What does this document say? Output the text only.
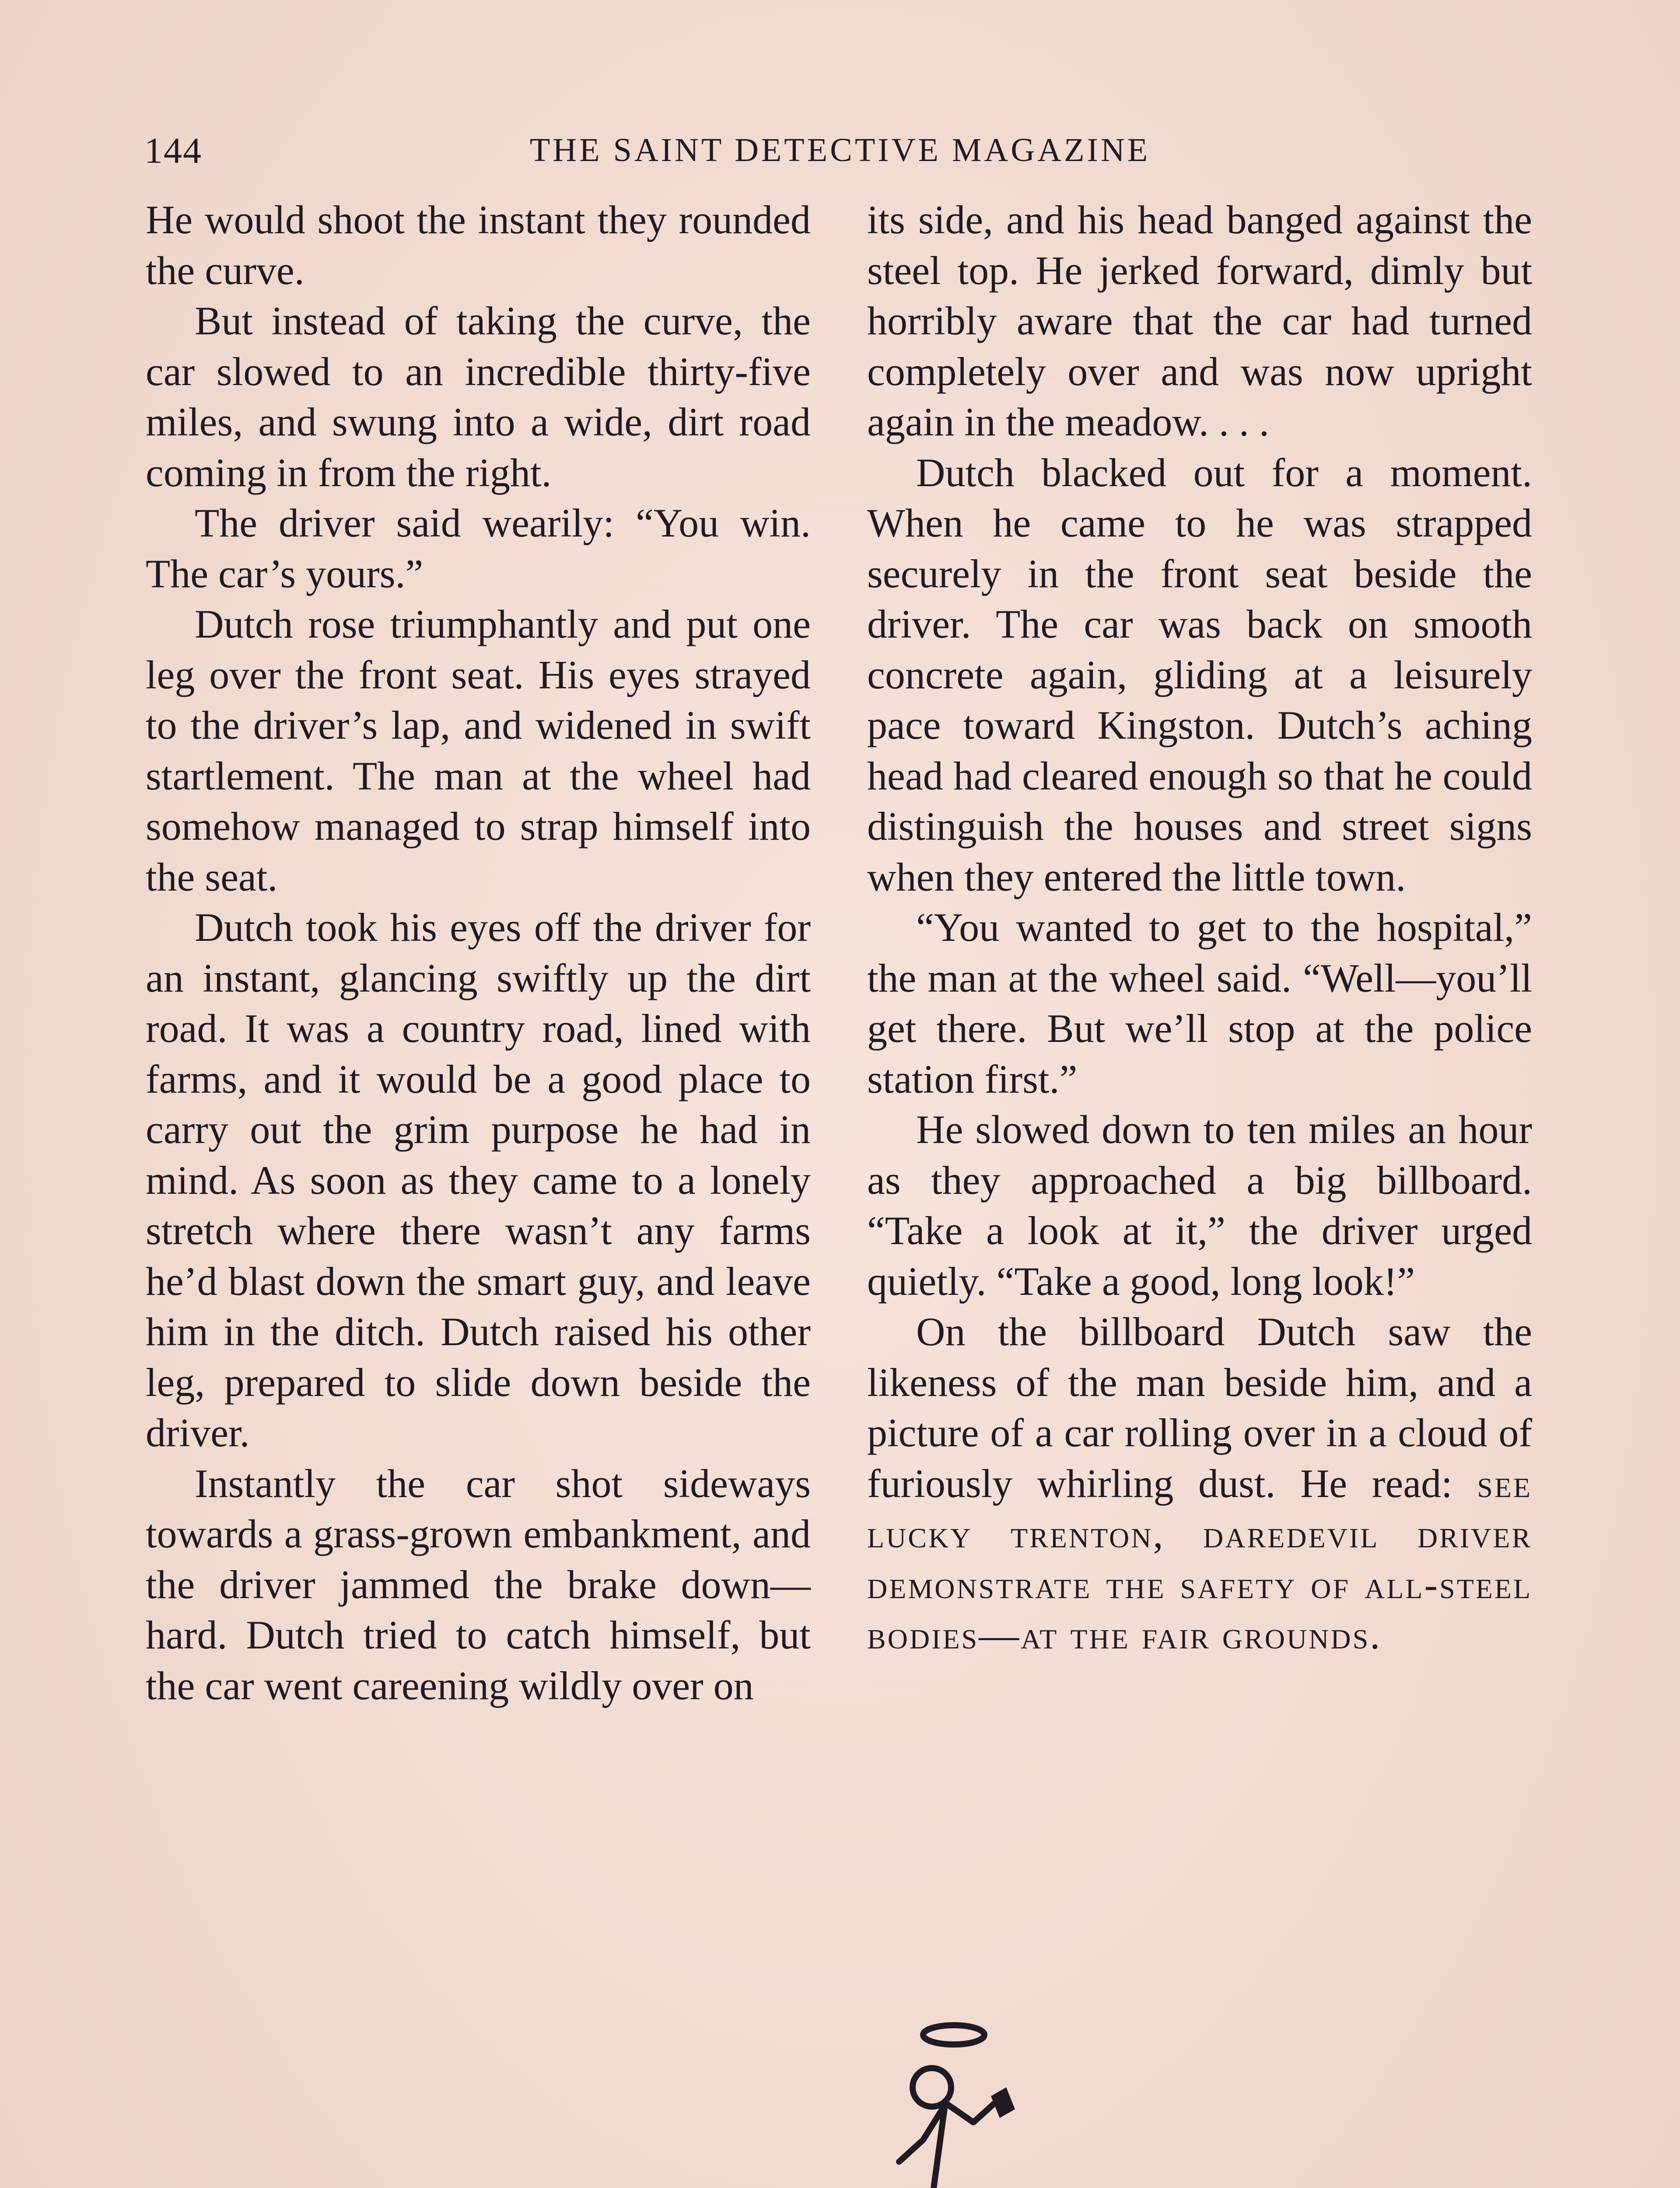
144	THE SAINT DETECTIVE MAGAZINE

He would shoot the instant they rounded the curve.

But instead of taking the curve, the car slowed to an incredible thirty-five miles, and swung into a wide, dirt road coming in from the right.

The driver said wearily: “You win. The car’s yours.”

Dutch rose triumphantly and put one leg over the front seat. His eyes strayed to the driver’s lap, and widened in swift startlement. The man at the wheel had somehow managed to strap himself into the seat.

Dutch took his eyes off the driver for an instant, glancing swiftly up the dirt road. It was a country road, lined with farms, and it would be a good place to carry out the grim purpose he had in mind. As soon as they came to a lonely stretch where there wasn’t any farms he’d blast down the smart guy, and leave him in the ditch. Dutch raised his other leg, prepared to slide down beside the driver.

Instantly the car shot sideways towards a grass-grown embankment, and the driver jammed the brake down—hard. Dutch tried to catch himself, but the car went careening wildly over on

its side, and his head banged against the steel top. He jerked forward, dimly but horribly aware that the car had turned completely over and was now upright again in the meadow. . . .

Dutch blacked out for a moment. When he came to he was strapped securely in the front seat beside the driver. The car was back on smooth concrete again, gliding at a leisurely pace toward Kingston. Dutch’s aching head had cleared enough so that he could distinguish the houses and street signs when they entered the little town.

“You wanted to get to the hospital,” the man at the wheel said. “Well—you’ll get there. But we’ll stop at the police station first.”

He slowed down to ten miles an hour as they approached a big billboard. “Take a look at it,” the driver urged quietly. “Take a good, long look!”

On the billboard Dutch saw the likeness of the man beside him, and a picture of a car rolling over in a cloud of furiously whirling dust. He read: see lucky trenton, daredevil driver demonstrate the safety of all-steel bodies—at the fair grounds.
